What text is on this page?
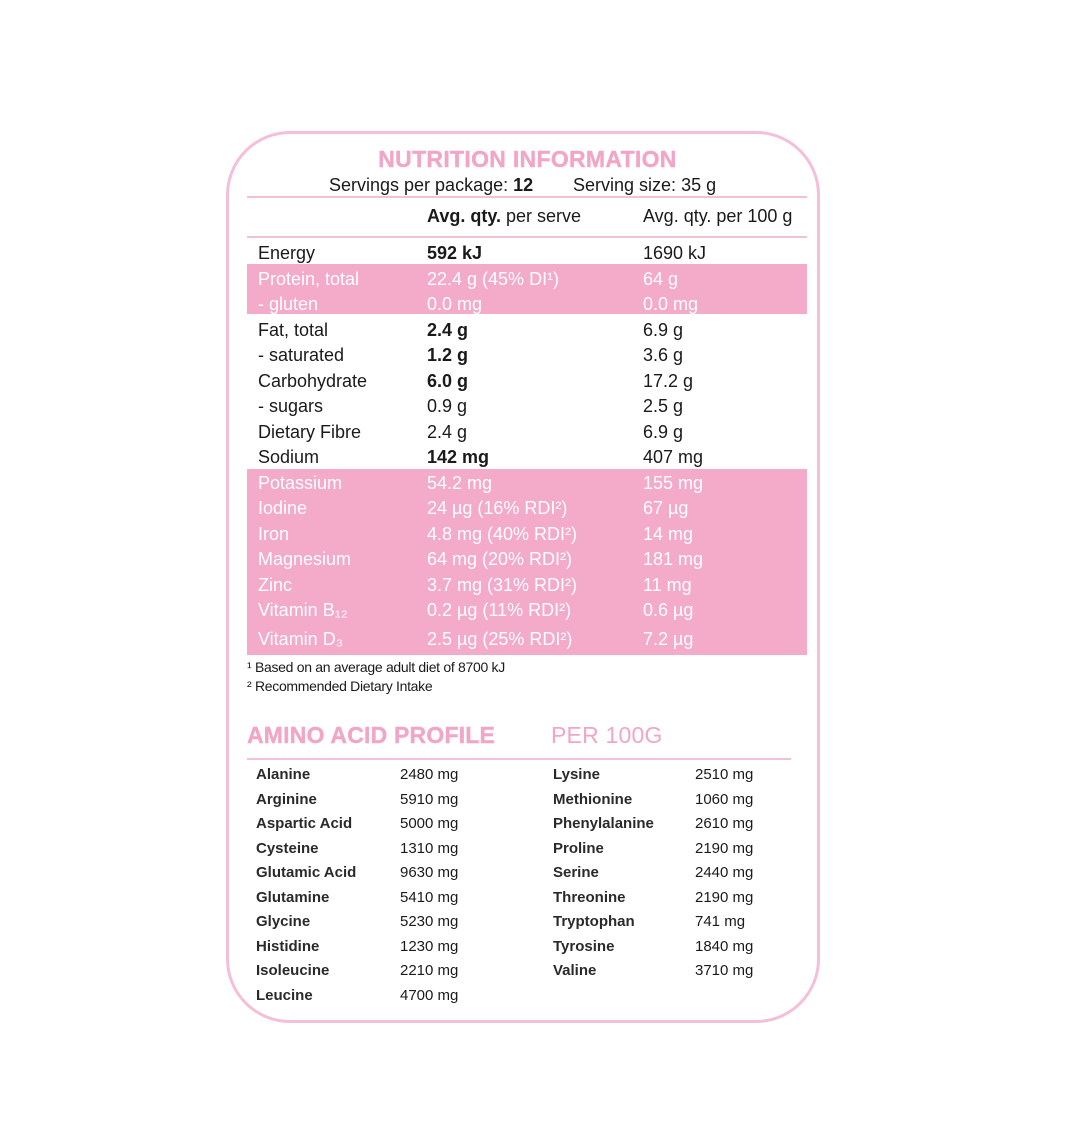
NUTRITION INFORMATION
Servings per package: 12 Serving size: 35 g
Avg. qty. per serve	Avg. qty. per 100 g
Energy	592 kJ	1690 kJ
Protein, total	22.4 g (45% DI¹)	64 g
- gluten	0.0 mg	0.0 mg
Fat, total	2.4 g	6.9 g
- saturated	1.2 g	3.6 g
Carbohydrate	6.0 g	17.2 g
- sugars	0.9 g	2.5 g
Dietary Fibre	2.4 g	6.9 g
Sodium	142 mg	407 mg
Potassium	54.2 mg	155 mg
Iodine	24 µg (16% RDI²)	67 µg
Iron	4.8 mg (40% RDI²)	14 mg
Magnesium	64 mg (20% RDI²)	181 mg
Zinc	3.7 mg (31% RDI²)	11 mg
Vitamin B₁₂	0.2 µg (11% RDI²)	0.6 µg
Vitamin D₃	2.5 µg (25% RDI²)	7.2 µg
¹ Based on an average adult diet of 8700 kJ
² Recommended Dietary Intake
AMINO ACID PROFILE PER 100G
Alanine	2480 mg
Arginine	5910 mg
Aspartic Acid	5000 mg
Cysteine	1310 mg
Glutamic Acid	9630 mg
Glutamine	5410 mg
Glycine	5230 mg
Histidine	1230 mg
Isoleucine	2210 mg
Leucine	4700 mg
Lysine	2510 mg
Methionine	1060 mg
Phenylalanine	2610 mg
Proline	2190 mg
Serine	2440 mg
Threonine	2190 mg
Tryptophan	741 mg
Tyrosine	1840 mg
Valine	3710 mg
